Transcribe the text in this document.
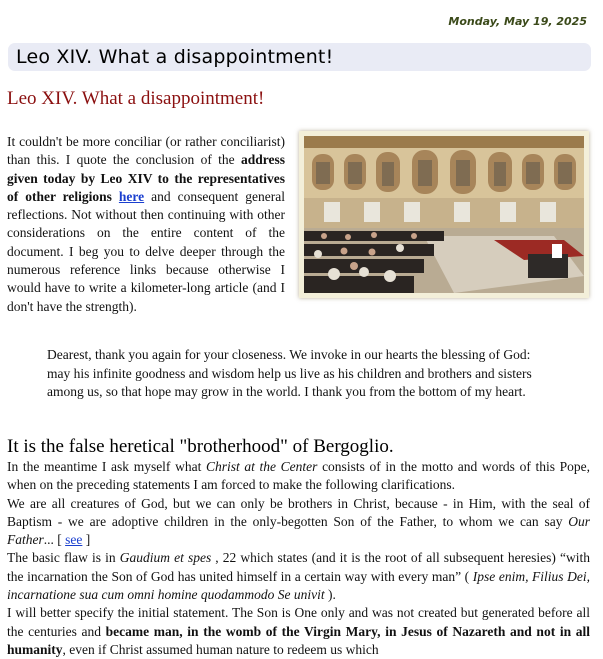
Monday, May 19, 2025
Leo XIV. What a disappointment!
Leo XIV. What a disappointment!

It couldn't be more conciliar (or rather conciliarist) than this. I quote the conclusion of the address given today by Leo XIV to the representatives of other religions here and consequent general reflections. Not without then continuing with other considerations on the entire content of the document. I beg you to delve deeper through the numerous reference links because otherwise I would have to write a kilometer-long article (and I don't have the strength).

Dearest, thank you again for your closeness. We invoke in our hearts the blessing of God: may his infinite goodness and wisdom help us live as his children and brothers and sisters among us, so that hope may grow in the world. I thank you from the bottom of my heart.

It is the false heretical "brotherhood" of Bergoglio.

In the meantime I ask myself what Christ at the Center consists of in the motto and words of this Pope, when on the preceding statements I am forced to make the following clarifications.

We are all creatures of God, but we can only be brothers in Christ, because - in Him, with the seal of Baptism - we are adoptive children in the only-begotten Son of the Father, to whom we can say Our Father... [ see ]

The basic flaw is in Gaudium et spes , 22 which states (and it is the root of all subsequent heresies) “with the incarnation the Son of God has united himself in a certain way with every man” ( Ipse enim, Filius Dei, incarnatione sua cum omni homine quodammodo Se univit ).

I will better specify the initial statement. The Son is One only and was not created but generated before all the centuries and became man, in the womb of the Virgin Mary, in Jesus of Nazareth and not in all humanity, even if Christ assumed human nature to redeem us which
